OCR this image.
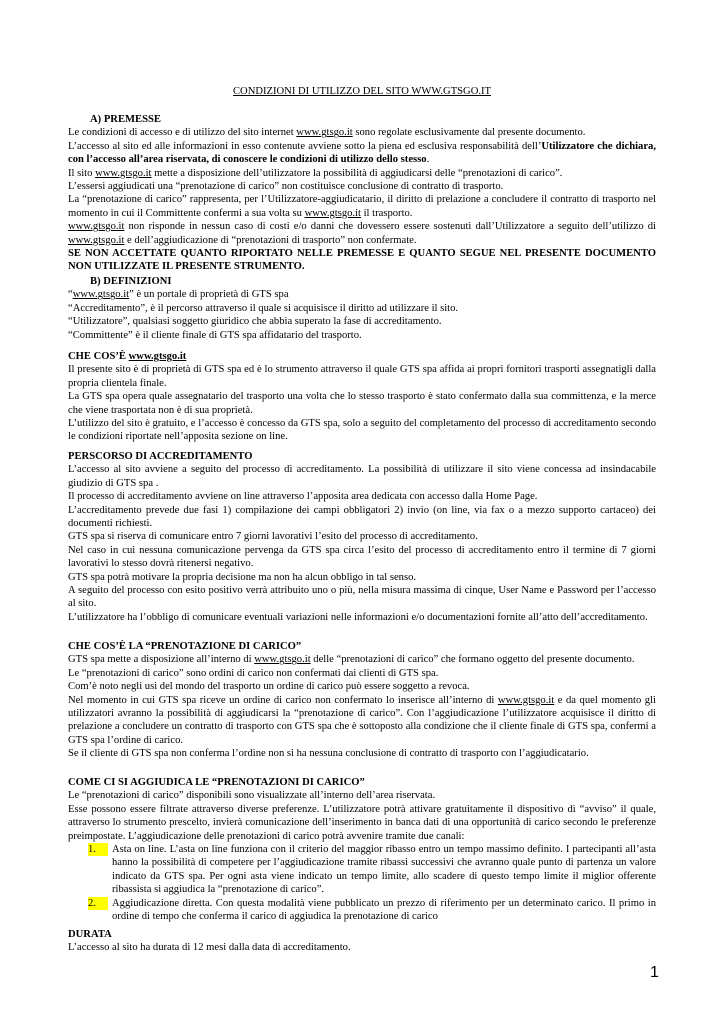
CONDIZIONI DI UTILIZZO DEL SITO WWW.GTSGO.IT
A) PREMESSE

Le condizioni di accesso e di utilizzo del sito internet www.gtsgo.it sono regolate esclusivamente dal presente documento.

L’accesso al sito ed alle informazioni in esso contenute avviene sotto la piena ed esclusiva responsabilità dell’Utilizzatore che dichiara, con l’accesso all’area riservata, di conoscere le condizioni di utilizzo dello stesso.

Il sito www.gtsgo.it mette a disposizione dell’utilizzatore la possibilità di aggiudicarsi delle “prenotazioni di carico”.

L’essersi aggiudicati una “prenotazione di carico” non costituisce conclusione di contratto di trasporto.

La “prenotazione di carico” rappresenta, per l’Utilizzatore-aggiudicatario, il diritto di prelazione a concludere il contratto di trasporto nel momento in cui il Committente confermi a sua volta su www.gtsgo.it il trasporto.

www.gtsgo.it non risponde in nessun caso di costi e/o danni che dovessero essere sostenuti dall’Utilizzatore a seguito dell’utilizzo di www.gtsgo.it e dell’aggiudicazione di “prenotazioni di trasporto” non confermate.

SE NON ACCETTATE QUANTO RIPORTATO NELLE PREMESSE E QUANTO SEGUE NEL PRESENTE DOCUMENTO NON UTILIZZATE IL PRESENTE STRUMENTO.

B) DEFINIZIONI

“www.gtsgo.it” è un portale di proprietà di GTS spa

“Accreditamento”, è il percorso attraverso il quale si acquisisce il diritto ad utilizzare il sito.

“Utilizzatore”, qualsiasi soggetto giuridico che abbia superato la fase di accreditamento.

“Committente” è il cliente finale di GTS spa affidatario del trasporto.

CHE COS’È www.gtsgo.it

Il presente sito è di proprietà di GTS spa ed è lo strumento attraverso il quale GTS spa affida ai propri fornitori trasporti assegnatigli dalla propria clientela finale.

La GTS spa opera quale assegnatario del trasporto una volta che lo stesso trasporto è stato confermato dalla sua committenza, e la merce che viene trasportata non è di sua proprietà.

L’utilizzo del sito è gratuito, e l’accesso è concesso da GTS spa, solo a seguito del completamento del processo di accreditamento secondo le condizioni riportate nell’apposita sezione on line.

PERSCORSO DI ACCREDITAMENTO

L’accesso al sito avviene a seguito del processo di accreditamento. La possibilità di utilizzare il sito viene concessa ad insindacabile giudizio di GTS spa .

Il processo di accreditamento avviene on line attraverso l’apposita area dedicata con accesso dalla Home Page.

L’accreditamento prevede due fasi 1) compilazione dei campi obbligatori 2) invio (on line, via fax o a mezzo supporto cartaceo) dei documenti richiesti.

GTS spa si riserva di comunicare entro 7 giorni lavorativi l’esito del processo di accreditamento.

Nel caso in cui nessuna comunicazione pervenga da GTS spa circa l’esito del processo di accreditamento entro il termine di 7 giorni lavorativi lo stesso dovrà ritenersi negativo.

GTS spa potrà motivare la propria decisione ma non ha alcun obbligo in tal senso.

A seguito del processo con esito positivo verrà attribuito uno o più, nella misura massima di cinque, User Name e Password per l’accesso al sito.

L’utilizzatore ha l’obbligo di comunicare eventuali variazioni nelle informazioni e/o documentazioni fornite all’atto dell’accreditamento.

CHE COS’È LA “PRENOTAZIONE DI CARICO”

GTS spa mette a disposizione all’interno di www.gtsgo.it delle “prenotazioni di carico” che formano oggetto del presente documento.

Le “prenotazioni di carico” sono ordini di carico non confermati dai clienti di GTS spa.

Com’è noto negli usi del mondo del trasporto un ordine di carico può essere soggetto a revoca.

Nel momento in cui GTS spa riceve un ordine di carico non confermato lo inserisce all’interno di www.gtsgo.it e da quel momento gli utilizzatori avranno la possibilità di aggiudicarsi la “prenotazione di carico”. Con l’aggiudicazione l’utilizzatore acquisisce il diritto di prelazione a concludere un contratto di trasporto con GTS spa che è sottoposto alla condizione che il cliente finale di GTS spa, confermi a GTS spa l’ordine di carico.

Se il cliente di GTS spa non conferma l’ordine non si ha nessuna conclusione di contratto di trasporto con l’aggiudicatario.

COME CI SI AGGIUDICA LE “PRENOTAZIONI DI CARICO”

Le “prenotazioni di carico” disponibili sono visualizzate all’interno dell’area riservata.

Esse possono essere filtrate attraverso diverse preferenze. L’utilizzatore potrà attivare gratuitamente il dispositivo di “avviso” il quale, attraverso lo strumento prescelto, invierà comunicazione dell’inserimento in banca dati di una opportunità di carico secondo le preferenze preimpostate. L’aggiudicazione delle prenotazioni di carico potrà avvenire tramite due canali:

1.	Asta on line. L’asta on line funziona con il criterio del maggior ribasso entro un tempo massimo definito. I partecipanti all’asta hanno la possibilità di competere per l’aggiudicazione tramite ribassi successivi che avranno quale punto di partenza un valore indicato da GTS spa. Per ogni asta viene indicato un tempo limite, allo scadere di questo tempo limite il miglior offerente ribassista si aggiudica la “prenotazione di carico”.

2.	Aggiudicazione diretta. Con questa modalità viene pubblicato un prezzo di riferimento per un determinato carico. Il primo in ordine di tempo che conferma il carico di aggiudica la prenotazione di carico

DURATA

L’accesso al sito ha durata di 12 mesi dalla data di accreditamento.

1
